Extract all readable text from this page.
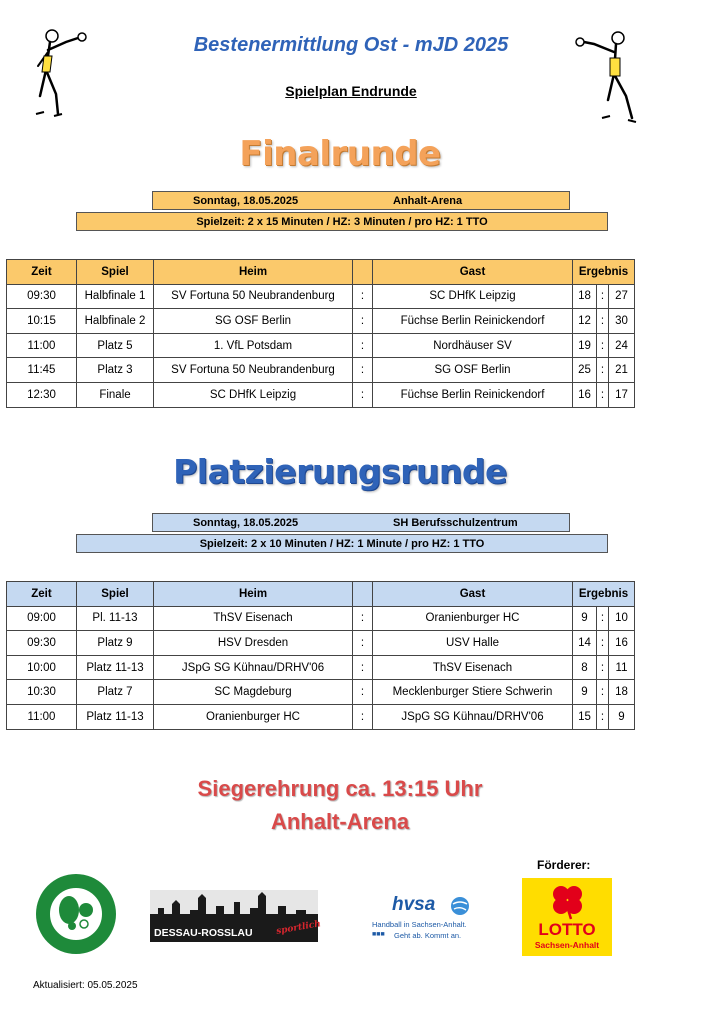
Bestenermittlung Ost - mJD 2025
Spielplan Endrunde
Finalrunde
Sonntag, 18.05.2025	Anhalt-Arena
Spielzeit: 2 x 15 Minuten / HZ: 3 Minuten / pro HZ: 1 TTO
Zeit	Spiel	Heim		Gast	Ergebnis		
09:30	Halbfinale 1	SV Fortuna 50 Neubrandenburg	:	SC DHfK Leipzig	18	:	27
10:15	Halbfinale 2	SG OSF Berlin	:	Füchse Berlin Reinickendorf	12	:	30
11:00	Platz 5	1. VfL Potsdam	:	Nordhäuser SV	19	:	24
11:45	Platz 3	SV Fortuna 50 Neubrandenburg	:	SG OSF Berlin	25	:	21
12:30	Finale	SC DHfK Leipzig	:	Füchse Berlin Reinickendorf	16	:	17
Platzierungsrunde
Sonntag, 18.05.2025	SH Berufsschulzentrum
Spielzeit: 2 x 10 Minuten / HZ: 1 Minute / pro HZ: 1 TTO
Zeit	Spiel	Heim		Gast	Ergebnis		
09:00	Pl. 11-13	ThSV Eisenach	:	Oranienburger HC	9	:	10
09:30	Platz 9	HSV Dresden	:	USV Halle	14	:	16
10:00	Platz 11-13	JSpG SG Kühnau/DRHV'06	:	ThSV Eisenach	8	:	11
10:30	Platz 7	SC Magdeburg	:	Mecklenburger Stiere Schwerin	9	:	18
11:00	Platz 11-13	Oranienburger HC	:	JSpG SG Kühnau/DRHV'06	15	:	9
Siegerehrung ca. 13:15 Uhr
Anhalt-Arena
Förderer:
DESSAU-ROSSLAU	sportlich
hvsa
Handball in Sachsen-Anhalt.
■■■ Geht ab. Kommt an.	LOTTO
Sachsen-Anhalt
Aktualisiert: 05.05.2025
